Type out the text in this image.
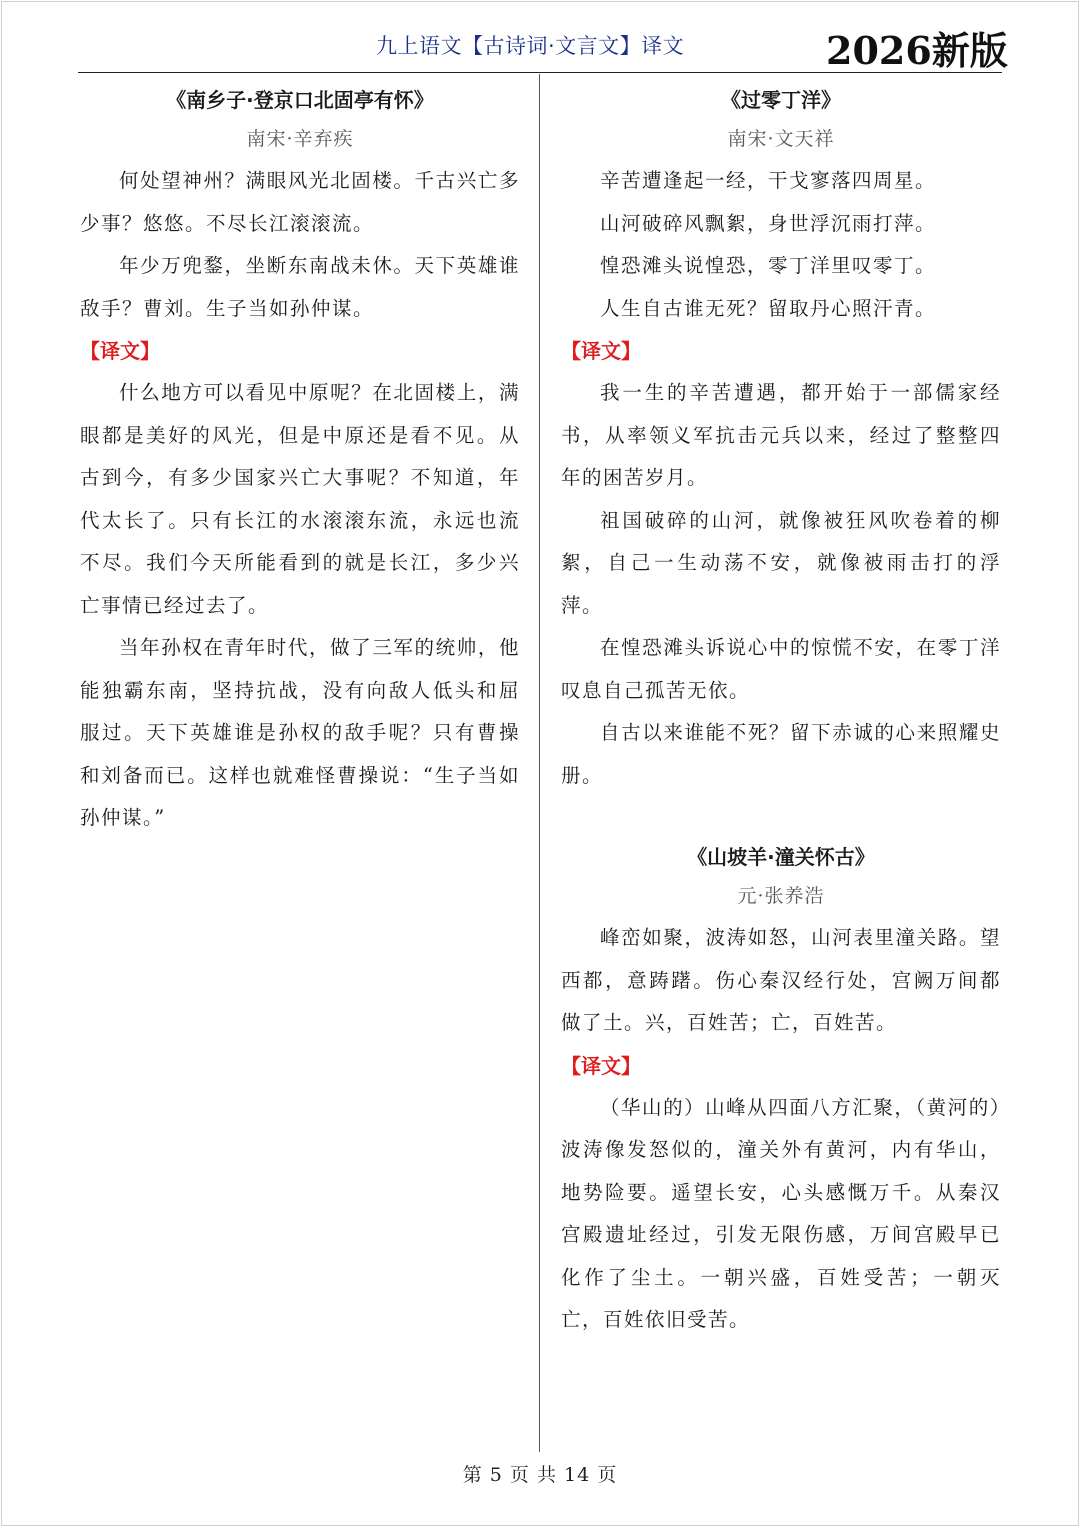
九上语文【古诗词·文言文】译文	2026新版
《南乡子·登京口北固亭有怀》
南宋·辛弃疾

何处望神州？满眼风光北固楼。千古兴亡多少事？悠悠。不尽长江滚滚流。

年少万兜鍪，坐断东南战未休。天下英雄谁敌手？曹刘。生子当如孙仲谋。

【译文】

什么地方可以看见中原呢？在北固楼上，满眼都是美好的风光，但是中原还是看不见。从古到今，有多少国家兴亡大事呢？不知道，年代太长了。只有长江的水滚滚东流，永远也流不尽。我们今天所能看到的就是长江，多少兴亡事情已经过去了。

当年孙权在青年时代，做了三军的统帅，他能独霸东南，坚持抗战，没有向敌人低头和屈服过。天下英雄谁是孙权的敌手呢？只有曹操和刘备而已。这样也就难怪曹操说：“生子当如孙仲谋。”

《过零丁洋》
南宋·文天祥

辛苦遭逢起一经，干戈寥落四周星。

山河破碎风飘絮，身世浮沉雨打萍。

惶恐滩头说惶恐，零丁洋里叹零丁。

人生自古谁无死？留取丹心照汗青。

【译文】

我一生的辛苦遭遇，都开始于一部儒家经书，从率领义军抗击元兵以来，经过了整整四年的困苦岁月。

祖国破碎的山河，就像被狂风吹卷着的柳絮，自己一生动荡不安，就像被雨击打的浮萍。

在惶恐滩头诉说心中的惊慌不安，在零丁洋叹息自己孤苦无依。

自古以来谁能不死？留下赤诚的心来照耀史册。

《山坡羊·潼关怀古》
元·张养浩

峰峦如聚，波涛如怒，山河表里潼关路。望西都，意踌躇。伤心秦汉经行处，宫阙万间都做了土。兴，百姓苦；亡，百姓苦。

【译文】

（华山的）山峰从四面八方汇聚，（黄河的）波涛像发怒似的，潼关外有黄河，内有华山，地势险要。遥望长安，心头感慨万千。从秦汉宫殿遗址经过，引发无限伤感，万间宫殿早已化作了尘土。一朝兴盛，百姓受苦；一朝灭亡，百姓依旧受苦。

第 5 页 共 14 页
